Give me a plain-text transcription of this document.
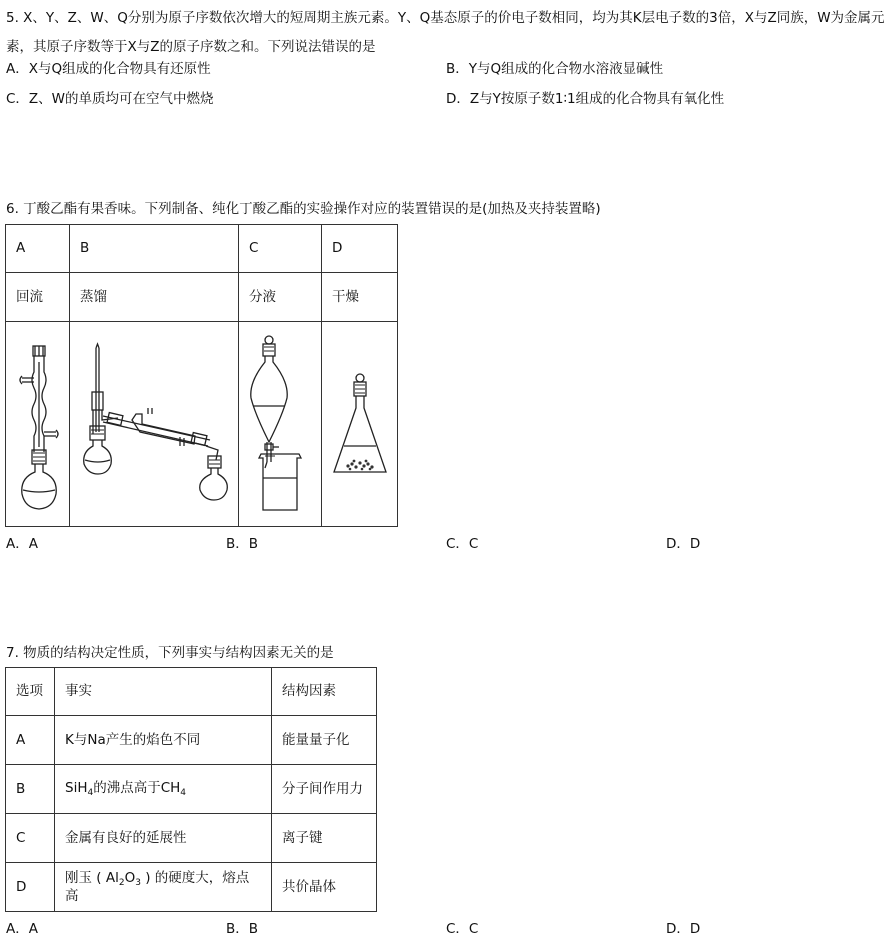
5. X、Y、Z、W、Q分别为原子序数依次增大的短周期主族元素。Y、Q基态原子的价电子数相同，均为其K层电子数的3倍，X与Z同族，W为金属元素，其原子序数等于X与Z的原子序数之和。下列说法错误的是
A．X与Q组成的化合物具有还原性	B．Y与Q组成的化合物水溶液显碱性
C．Z、W的单质均可在空气中燃烧	D．Z与Y按原子数1∶1组成的化合物具有氧化性
6. 丁酸乙酯有果香味。下列制备、纯化丁酸乙酯的实验操作对应的装置错误的是(加热及夹持装置略)
A	B	C	D
回流	蒸馏	分液	干燥

A．A	B．B	C．C	D．D
7. 物质的结构决定性质，下列事实与结构因素无关的是
选项	事实	结构因素
A	K与Na产生的焰色不同	能量量子化
B	SiH$_4$的沸点高于$CH_4$	分子间作用力
C	金属有良好的延展性	离子键
D	刚玉 ( $Al_2O_3$ ) 的硬度大，熔点高	共价晶体
A．A	B．B	C．C	D．D
